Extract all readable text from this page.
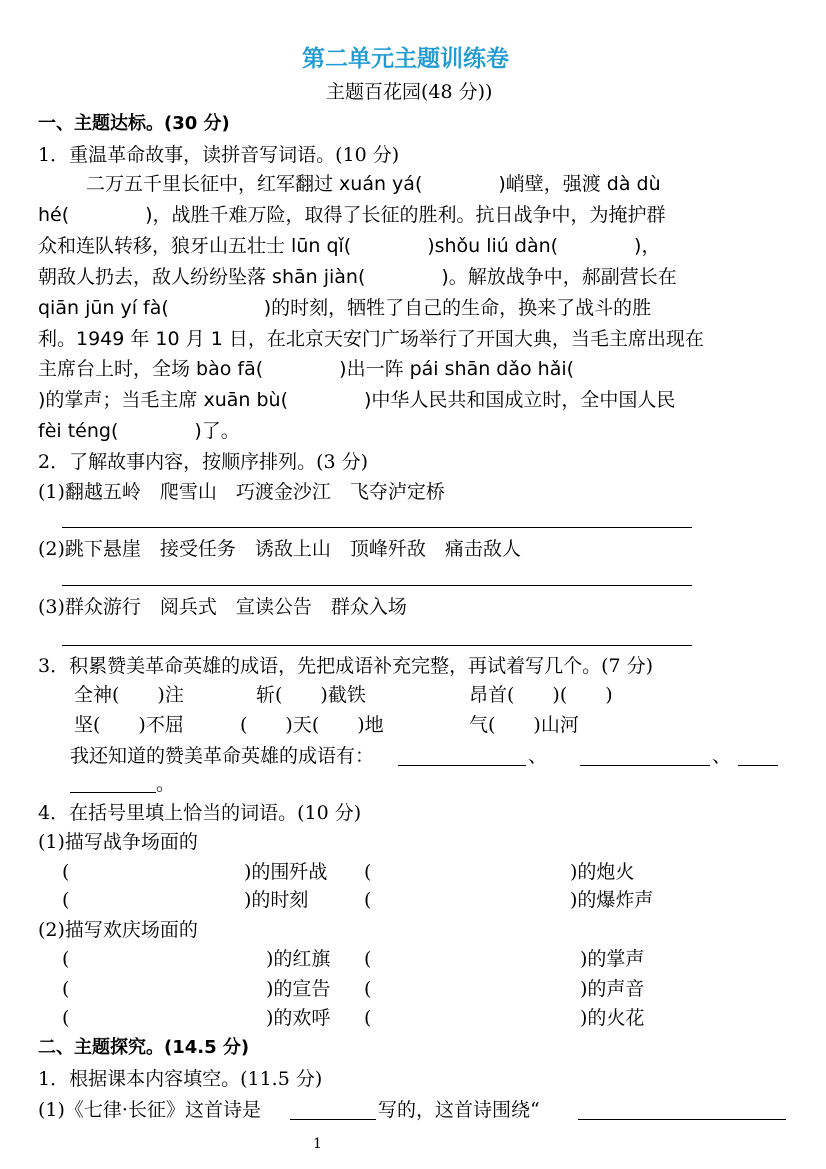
第二单元主题训练卷
主题百花园(48 分))
一、主题达标。(30 分)
1．重温革命故事，读拼音写词语。(10 分)
二万五千里长征中，红军翻过 xuán yá(　　　　)峭壁，强渡 dà dù
hé(　　　　)，战胜千难万险，取得了长征的胜利。抗日战争中，为掩护群
众和连队转移，狼牙山五壮士 lūn qǐ(　　　　)shǒu liú dàn(　　　　)，
朝敌人扔去，敌人纷纷坠落 shān jiàn(　　　　)。解放战争中，郝副营长在
qiān jūn yí fà(　　　　　)的时刻，牺牲了自己的生命，换来了战斗的胜
利。1949 年 10 月 1 日，在北京天安门广场举行了开国大典，当毛主席出现在
主席台上时，全场 bào fā(　　　　)出一阵 pái shān dǎo hǎi(
)的掌声；当毛主席 xuān bù(　　　　)中华人民共和国成立时，全中国人民
fèi téng(　　　　)了。
2．了解故事内容，按顺序排列。(3 分)
(1)翻越五岭　爬雪山　巧渡金沙江　飞夺泸定桥
(2)跳下悬崖　接受任务　诱敌上山　顶峰歼敌　痛击敌人
(3)群众游行　阅兵式　宣读公告　群众入场
3．积累赞美革命英雄的成语，先把成语补充完整，再试着写几个。(7 分)
全神(　　)注	斩(　　)截铁	昂首(　　)(　　)
坚(　　)不屈	(　　)天(　　)地	气(　　)山河
我还知道的赞美革命英雄的成语有：	、	、
。
4．在括号里填上恰当的词语。(10 分)
(1)描写战争场面的
(	)的围歼战 (	)的炮火
(	)的时刻	(	)的爆炸声
(2)描写欢庆场面的
(	)的红旗 (	)的掌声
(	)的宣告 (	)的声音
(	)的欢呼 (	)的火花
二、主题探究。(14.5 分)
1．根据课本内容填空。(11.5 分)
(1)《七律·长征》这首诗是	写的，这首诗围绕“
1
